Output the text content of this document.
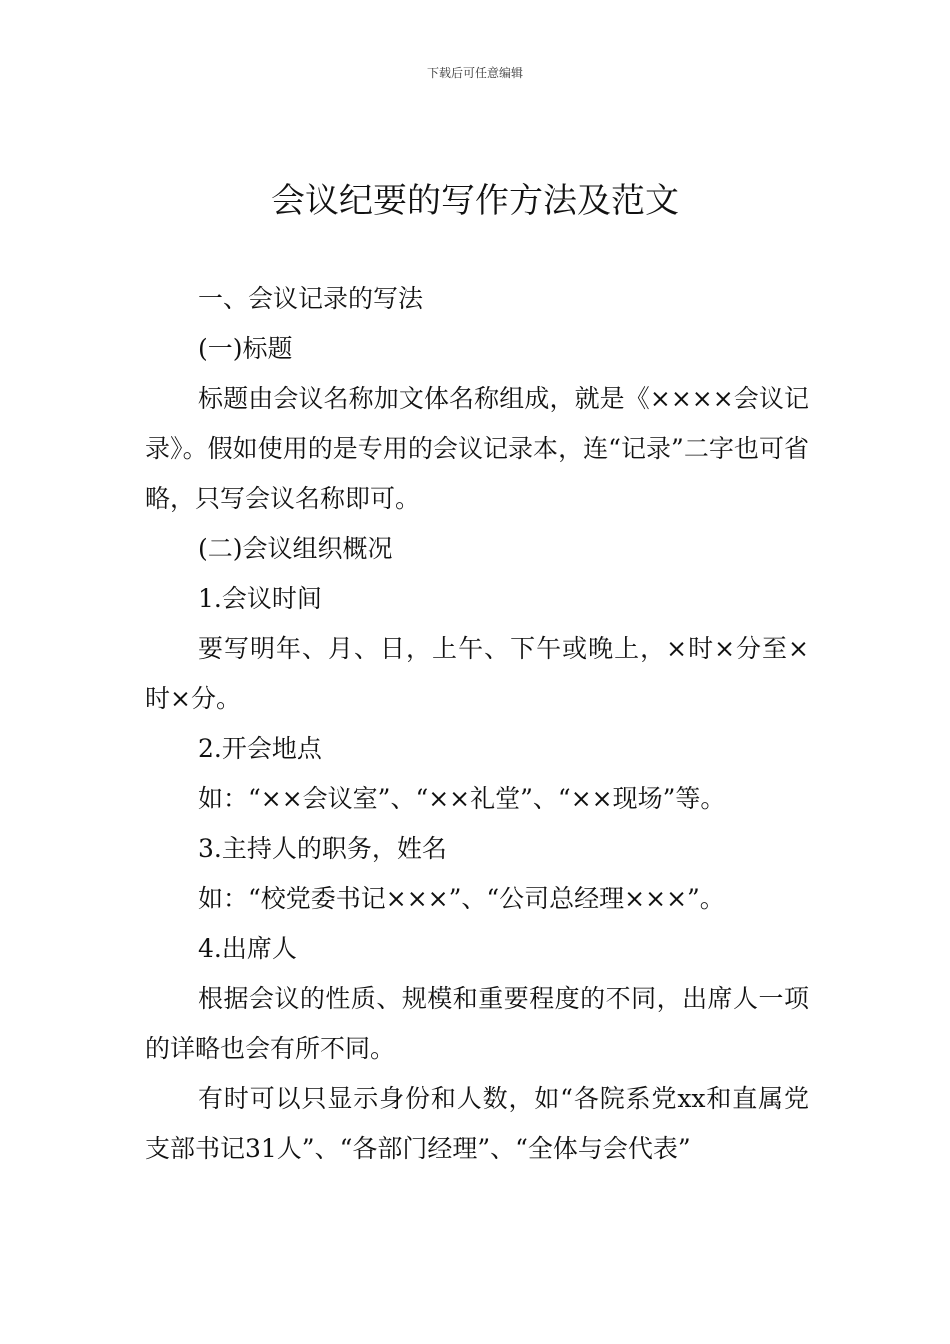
下载后可任意编辑
会议纪要的写作方法及范文

一、会议记录的写法

(一)标题

标题由会议名称加文体名称组成，就是《××××会议记录》。假如使用的是专用的会议记录本，连“记录”二字也可省略，只写会议名称即可。

(二)会议组织概况

1.会议时间

要写明年、月、日，上午、下午或晚上，×时×分至×时×分。

2.开会地点

如：“××会议室”、“××礼堂”、“××现场”等。

3.主持人的职务，姓名

如：“校党委书记×××”、“公司总经理×××”。

4.出席人

根据会议的性质、规模和重要程度的不同，出席人一项的详略也会有所不同。

有时可以只显示身份和人数，如“各院系党xx和直属党支部书记31人”、“各部门经理”、“全体与会代表”
